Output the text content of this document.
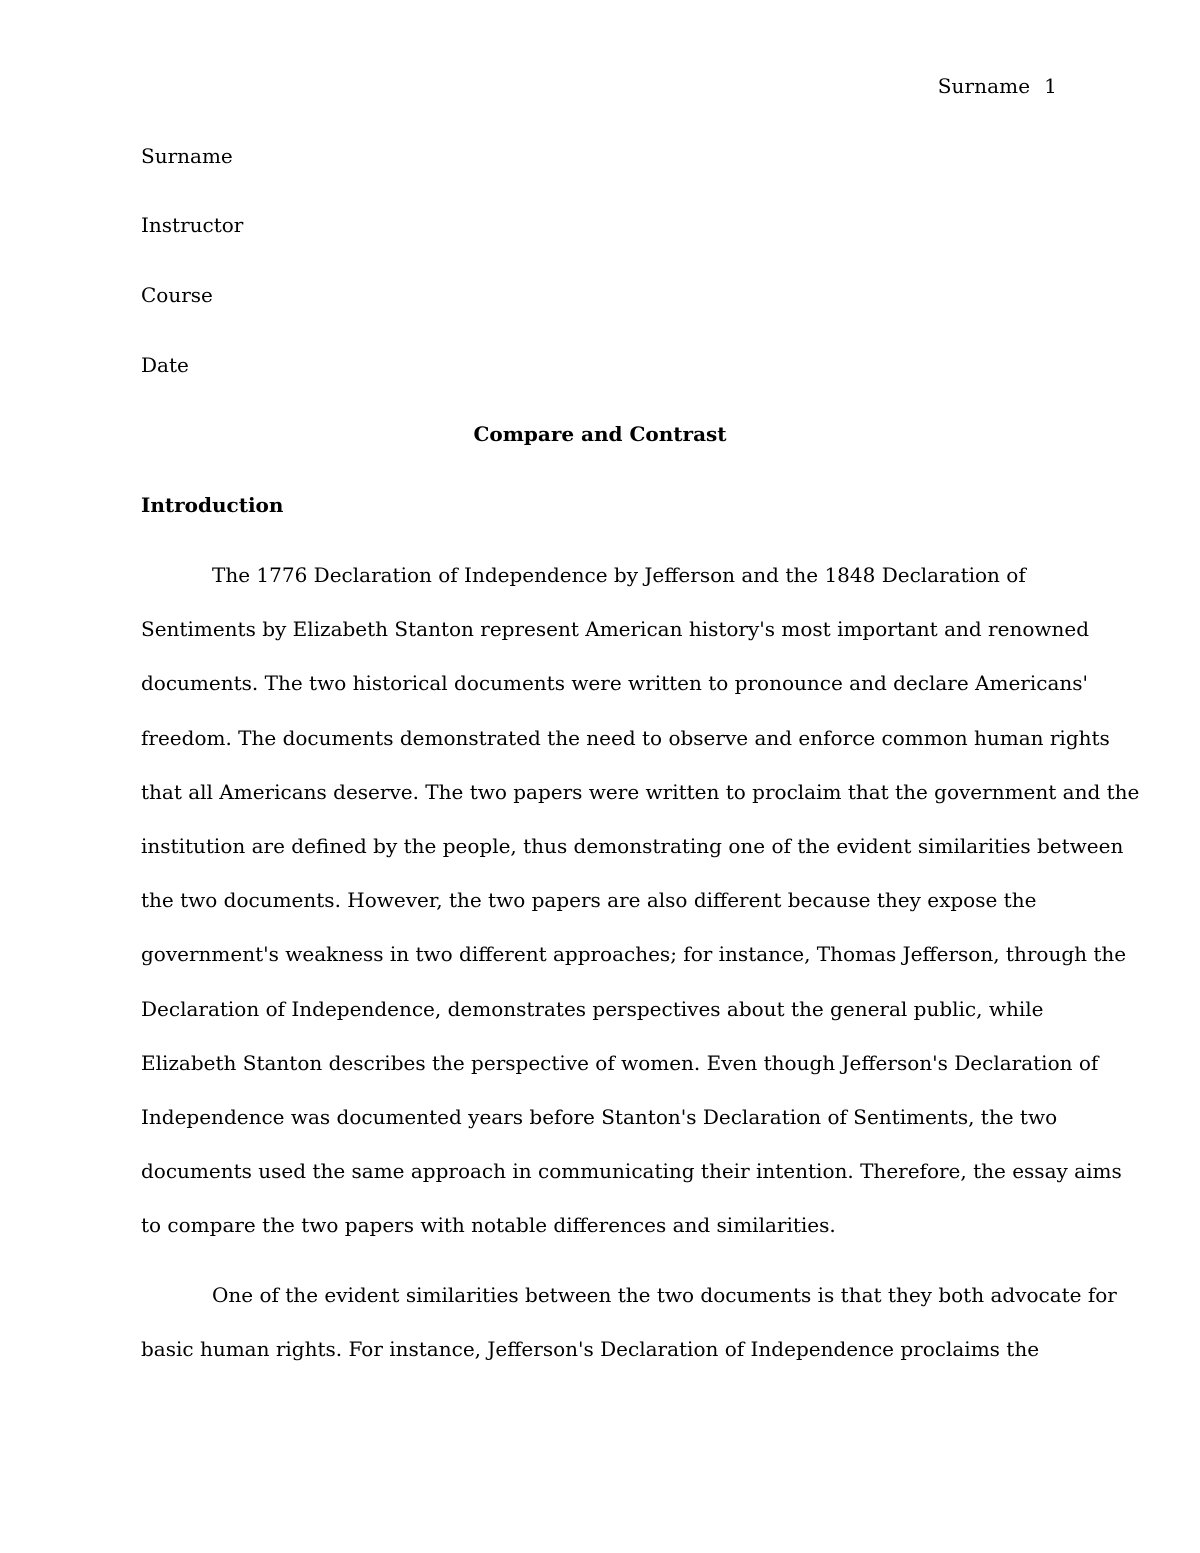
Surname 1
Surname
Instructor
Course
Date
Compare and Contrast
Introduction
The 1776 Declaration of Independence by Jefferson and the 1848 Declaration of
Sentiments by Elizabeth Stanton represent American history's most important and renowned
documents. The two historical documents were written to pronounce and declare Americans'
freedom. The documents demonstrated the need to observe and enforce common human rights
that all Americans deserve. The two papers were written to proclaim that the government and the
institution are defined by the people, thus demonstrating one of the evident similarities between
the two documents. However, the two papers are also different because they expose the
government's weakness in two different approaches; for instance, Thomas Jefferson, through the
Declaration of Independence, demonstrates perspectives about the general public, while
Elizabeth Stanton describes the perspective of women. Even though Jefferson's Declaration of
Independence was documented years before Stanton's Declaration of Sentiments, the two
documents used the same approach in communicating their intention. Therefore, the essay aims
to compare the two papers with notable differences and similarities.
One of the evident similarities between the two documents is that they both advocate for
basic human rights. For instance, Jefferson's Declaration of Independence proclaims the
